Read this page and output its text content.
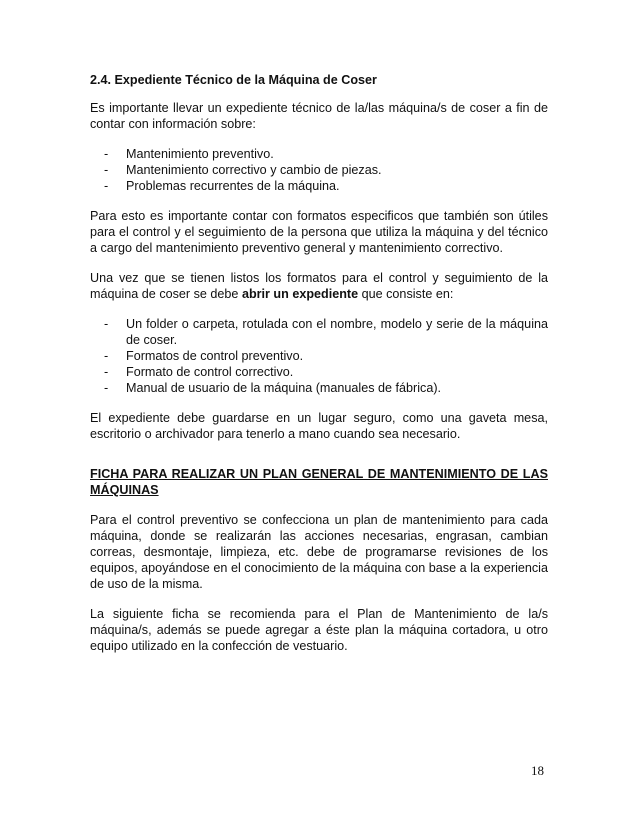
2.4. Expediente Técnico de la Máquina de Coser

Es importante llevar un expediente técnico de la/las máquina/s de coser a fin de contar con información sobre:

- Mantenimiento preventivo.
- Mantenimiento correctivo y cambio de piezas.
- Problemas recurrentes de la máquina.

Para esto es importante contar con formatos especificos que también son útiles para el control y el seguimiento de la persona que utiliza la máquina y del técnico a cargo del mantenimiento preventivo general y mantenimiento correctivo.

Una vez que se tienen listos los formatos para el control y seguimiento de la máquina de coser se debe abrir un expediente que consiste en:

- Un folder o carpeta, rotulada con el nombre, modelo y serie de la máquina de coser.
- Formatos de control preventivo.
- Formato de control correctivo.
- Manual de usuario de la máquina (manuales de fábrica).

El expediente debe guardarse en un lugar seguro, como una gaveta mesa, escritorio o archivador para tenerlo a mano cuando sea necesario.

FICHA PARA REALIZAR UN PLAN GENERAL DE MANTENIMIENTO DE LAS MÁQUINAS

Para el control preventivo se confecciona un plan de mantenimiento para cada máquina, donde se realizarán las acciones necesarias, engrasan, cambian correas, desmontaje, limpieza, etc. debe de programarse revisiones de los equipos, apoyándose en el conocimiento de la máquina con base a la experiencia de uso de la misma.

La siguiente ficha se recomienda para el Plan de Mantenimiento de la/s máquina/s, además se puede agregar a éste plan la máquina cortadora, u otro equipo utilizado en la confección de vestuario.

18
